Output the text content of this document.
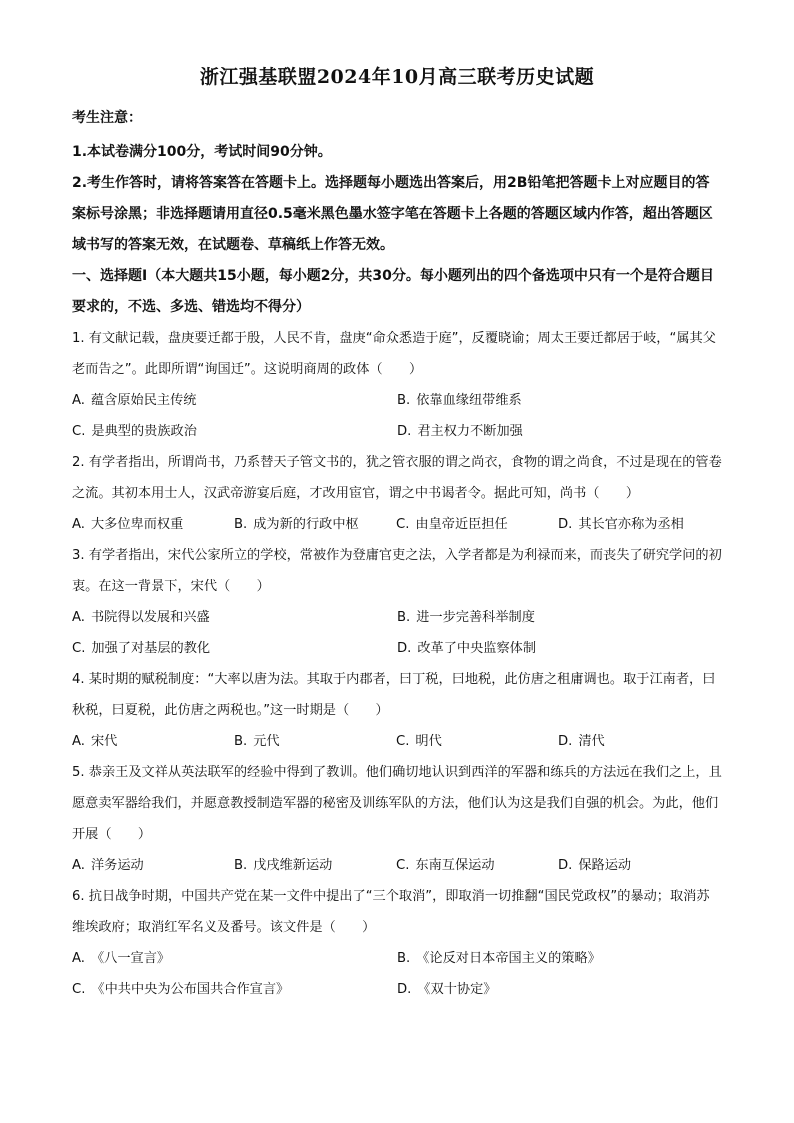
浙江强基联盟2024年10月高三联考历史试题

考生注意：

1.本试卷满分100分，考试时间90分钟。

2.考生作答时，请将答案答在答题卡上。选择题每小题选出答案后，用2B铅笔把答题卡上对应题目的答案标号涂黑；非选择题请用直径0.5毫米黑色墨水签字笔在答题卡上各题的答题区域内作答，超出答题区域书写的答案无效，在试题卷、草稿纸上作答无效。

一、选择题Ⅰ（本大题共15小题，每小题2分，共30分。每小题列出的四个备选项中只有一个是符合题目要求的，不选、多选、错选均不得分）

1. 有文献记载，盘庚要迁都于殷，人民不肯，盘庚“命众悉造于庭”，反覆晓谕；周太王要迁都居于岐，“属其父老而告之”。此即所谓“询国迁”。这说明商周的政体（　　）

A. 蕴含原始民主传统	B. 依靠血缘纽带维系
C. 是典型的贵族政治	D. 君主权力不断加强

2. 有学者指出，所谓尚书，乃系替天子管文书的，犹之管衣服的谓之尚衣，食物的谓之尚食，不过是现在的管卷之流。其初本用士人，汉武帝游宴后庭，才改用宦官，谓之中书谒者令。据此可知，尚书（　　）

A. 大多位卑而权重	B. 成为新的行政中枢	C. 由皇帝近臣担任	D. 其长官亦称为丞相

3. 有学者指出，宋代公家所立的学校，常被作为登庸官吏之法，入学者都是为利禄而来，而丧失了研究学问的初衷。在这一背景下，宋代（　　）

A. 书院得以发展和兴盛	B. 进一步完善科举制度
C. 加强了对基层的教化	D. 改革了中央监察体制

4. 某时期的赋税制度：“大率以唐为法。其取于内郡者，曰丁税，曰地税，此仿唐之租庸调也。取于江南者，曰秋税，曰夏税，此仿唐之两税也。”这一时期是（　　）

A. 宋代	B. 元代	C. 明代	D. 清代

5. 恭亲王及文祥从英法联军的经验中得到了教训。他们确切地认识到西洋的军器和练兵的方法远在我们之上，且愿意卖军器给我们，并愿意教授制造军器的秘密及训练军队的方法，他们认为这是我们自强的机会。为此，他们开展（　　）

A. 洋务运动	B. 戊戌维新运动	C. 东南互保运动	D. 保路运动

6. 抗日战争时期，中国共产党在某一文件中提出了“三个取消”，即取消一切推翻“国民党政权”的暴动；取消苏维埃政府；取消红军名义及番号。该文件是（　　）

A. 《八一宣言》	B. 《论反对日本帝国主义的策略》
C. 《中共中央为公布国共合作宣言》	D. 《双十协定》
